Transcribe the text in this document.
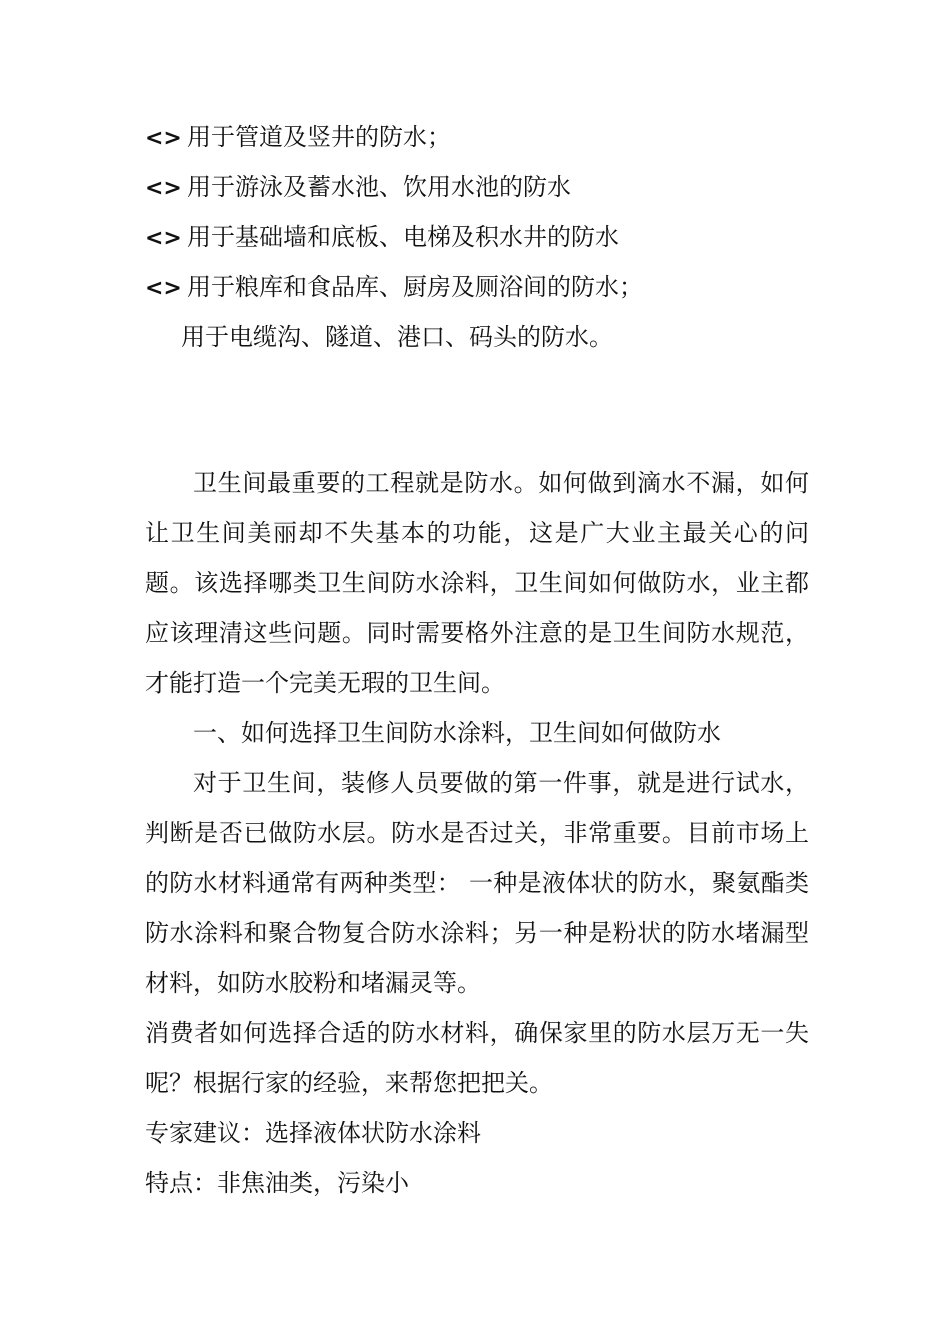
<> 用于管道及竖井的防水；
<> 用于游泳及蓄水池、饮用水池的防水
<> 用于基础墙和底板、电梯及积水井的防水
<> 用于粮库和食品库、厨房及厕浴间的防水；
用于电缆沟、隧道、港口、码头的防水。

卫生间最重要的工程就是防水。如何做到滴水不漏，如何让卫生间美丽却不失基本的功能，这是广大业主最关心的问题。该选择哪类卫生间防水涂料，卫生间如何做防水，业主都应该理清这些问题。同时需要格外注意的是卫生间防水规范，才能打造一个完美无瑕的卫生间。

一、如何选择卫生间防水涂料，卫生间如何做防水

对于卫生间，装修人员要做的第一件事，就是进行试水，判断是否已做防水层。防水是否过关，非常重要。目前市场上的防水材料通常有两种类型： 一种是液体状的防水，聚氨酯类防水涂料和聚合物复合防水涂料；另一种是粉状的防水堵漏型材料，如防水胶粉和堵漏灵等。

消费者如何选择合适的防水材料，确保家里的防水层万无一失呢？根据行家的经验，来帮您把把关。

专家建议：选择液体状防水涂料

特点：非焦油类，污染小
